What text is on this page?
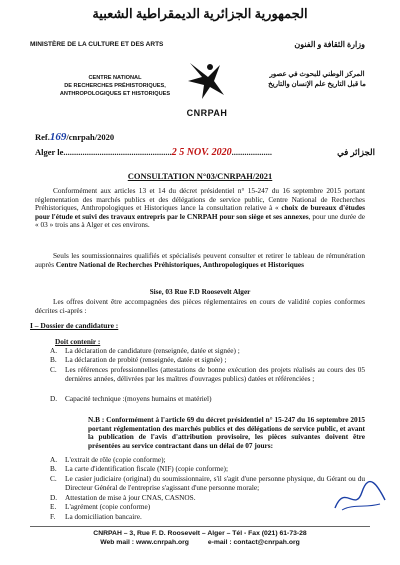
الجمهورية الجزائرية الديمقراطية الشعبية
MINISTÈRE DE LA CULTURE ET DES ARTS	وزارة الثقافة و الفنون
CENTRE NATIONAL
DE RECHERCHES PRÉHISTORIQUES,
ANTHROPOLOGIQUES ET HISTORIQUES
المركز الوطني للبحوث في عصور
ما قبل التاريخ علم الإنسان والتاريخ
CNRPAH
Ref.169/cnrpah/2020
Alger le...................................................2 5 NOV. 2020...................	الجزائر في
CONSULTATION N°03/CNRPAH/2021
Conformément aux articles 13 et 14 du décret présidentiel n° 15-247 du 16 septembre 2015 portant réglementation des marchés publics et des délégations de service public, Centre National de Recherches Préhistoriques, Anthropologiques et Historiques lance la consultation relative à « choix de bureaux d'études pour l'étude et suivi des travaux entrepris par le CNRPAH pour son siège et ses annexes, pour une durée de « 03 » trois ans à Alger et ces environs.
Seuls les soumissionnaires qualifiés et spécialisés peuvent consulter et retirer le tableau de rémunération auprès Centre National de Recherches Préhistoriques, Anthropologiques et Historiques
Sise, 03 Rue F.D Roosevelt Alger
Les offres doivent être accompagnées des pièces réglementaires en cours de validité copies conformes décrites ci-après :
I – Dossier de candidature :
Doit contenir :
A.	La déclaration de candidature (renseignée, datée et signée) ;
B.	La déclaration de probité (renseignée, datée et signée) ;
C.	Les références professionnelles (attestations de bonne exécution des projets réalisés au cours des 05 dernières années, délivrées par les maîtres d'ouvrages publics) datées et référenciées ;
D.	Capacité technique :(moyens humains et matériel)
N.B : Conformément à l'article 69 du décret présidentiel n° 15-247 du 16 septembre 2015 portant réglementation des marchés publics et des délégations de service public, et avant la publication de l'avis d'attribution provisoire, les pièces suivantes doivent être présentées au service contractant dans un délai de 07 jours:
A.	L'extrait de rôle (copie conforme);
B.	La carte d'identification fiscale (NIF) (copie conforme);
C.	Le casier judiciaire (original) du soumissionnaire, s'il s'agit d'une personne physique, du Gérant ou du Directeur Général de l'entreprise s'agissant d'une personne morale;
D.	Attestation de mise à jour CNAS, CASNOS.
E.	L'agrément (copie conforme)
F.	La domiciliation bancaire.
CNRPAH – 3, Rue F. D. Roosevelt – Alger – Tél - Fax (021) 61-73-28
Web mail : www.cnrpah.org          e-mail : contact@cnrpah.org
